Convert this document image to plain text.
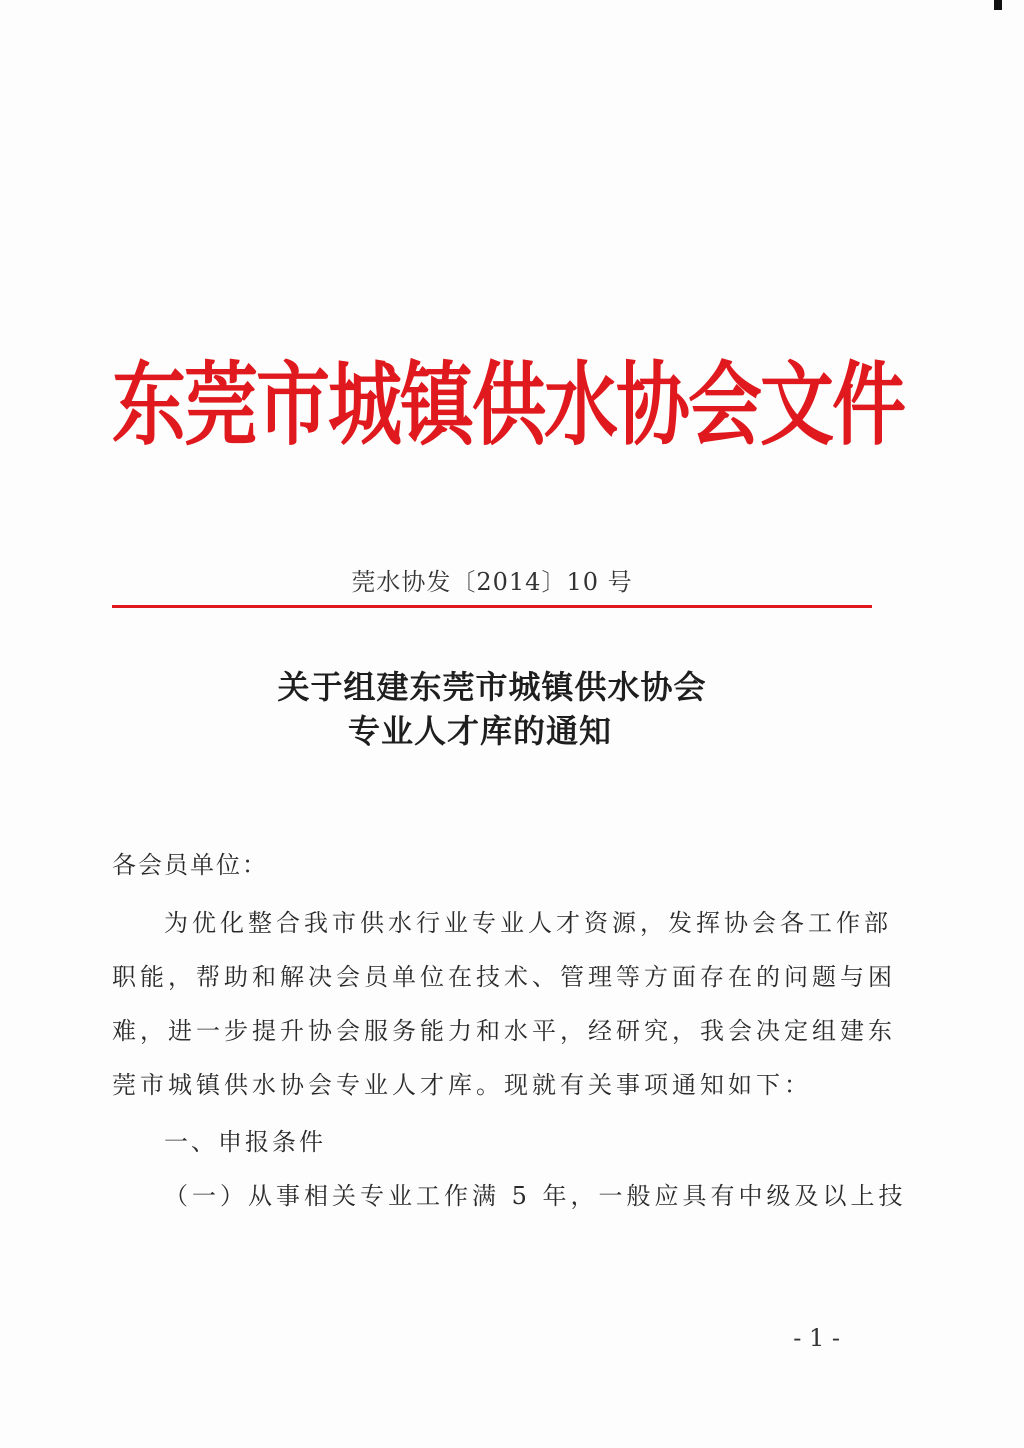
东莞市城镇供水协会文件
莞水协发〔2014〕10 号
关于组建东莞市城镇供水协会
专业人才库的通知
各会员单位：
为优化整合我市供水行业专业人才资源，发挥协会各工作部
职能，帮助和解决会员单位在技术、管理等方面存在的问题与困
难，进一步提升协会服务能力和水平，经研究，我会决定组建东
莞市城镇供水协会专业人才库。现就有关事项通知如下：
一、申报条件
（一）从事相关专业工作满 5 年，一般应具有中级及以上技
- 1 -
